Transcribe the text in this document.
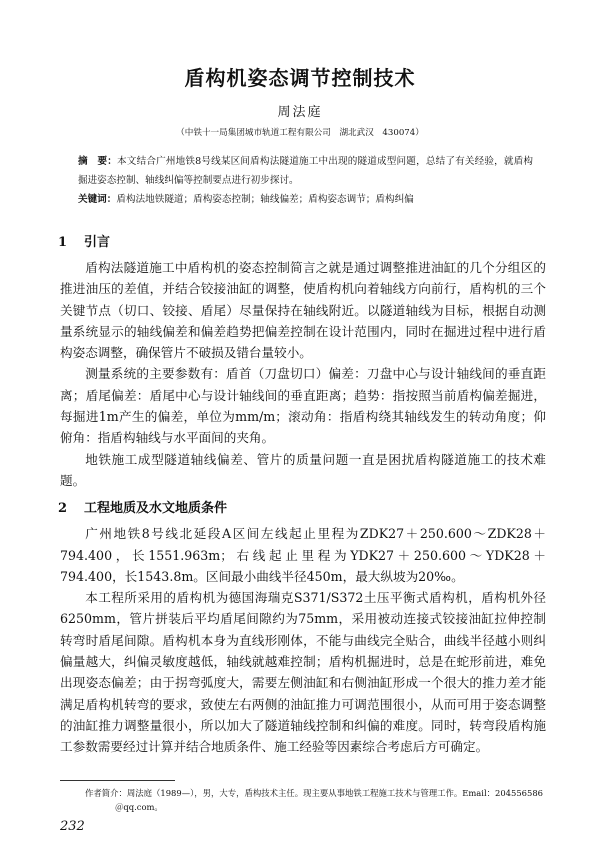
盾构机姿态调节控制技术
周法庭
（中铁十一局集团城市轨道工程有限公司　湖北武汉　430074）
摘　要：本文结合广州地铁8号线某区间盾构法隧道施工中出现的隧道成型问题，总结了有关经验，就盾构掘进姿态控制、轴线纠偏等控制要点进行初步探讨。
关键词：盾构法地铁隧道；盾构姿态控制；轴线偏差；盾构姿态调节；盾构纠偏
1 引言

盾构法隧道施工中盾构机的姿态控制简言之就是通过调整推进油缸的几个分组区的推进油压的差值，并结合铰接油缸的调整，使盾构机向着轴线方向前行，盾构机的三个关键节点（切口、铰接、盾尾）尽量保持在轴线附近。以隧道轴线为目标，根据自动测量系统显示的轴线偏差和偏差趋势把偏差控制在设计范围内，同时在掘进过程中进行盾构姿态调整，确保管片不破损及错台量较小。

测量系统的主要参数有：盾首（刀盘切口）偏差：刀盘中心与设计轴线间的垂直距离；盾尾偏差：盾尾中心与设计轴线间的垂直距离；趋势：指按照当前盾构偏差掘进，每掘进1m产生的偏差，单位为mm/m；滚动角：指盾构绕其轴线发生的转动角度；仰俯角：指盾构轴线与水平面间的夹角。

地铁施工成型隧道轴线偏差、管片的质量问题一直是困扰盾构隧道施工的技术难题。

2 工程地质及水文地质条件

广州地铁8号线北延段A区间左线起止里程为ZDK27＋250.600～ZDK28＋794.400，长1551.963m；右线起止里程为YDK27＋250.600～YDK28＋794.400，长1543.8m。区间最小曲线半径450m，最大纵坡为20‰。

本工程所采用的盾构机为德国海瑞克S371/S372土压平衡式盾构机，盾构机外径6250mm，管片拼装后平均盾尾间隙约为75mm，采用被动连接式铰接油缸拉伸控制转弯时盾尾间隙。盾构机本身为直线形刚体，不能与曲线完全贴合，曲线半径越小则纠偏量越大，纠偏灵敏度越低，轴线就越难控制；盾构机掘进时，总是在蛇形前进，难免出现姿态偏差；由于拐弯弧度大，需要左侧油缸和右侧油缸形成一个很大的推力差才能满足盾构机转弯的要求，致使左右两侧的油缸推力可调范围很小，从而可用于姿态调整的油缸推力调整量很小，所以加大了隧道轴线控制和纠偏的难度。同时，转弯段盾构施工参数需要经过计算并结合地质条件、施工经验等因素综合考虑后方可确定。

作者简介：周法庭（1989—），男，大专，盾构技术主任。现主要从事地铁工程施工技术与管理工作。Email：204556586
＠qq.com。
232
